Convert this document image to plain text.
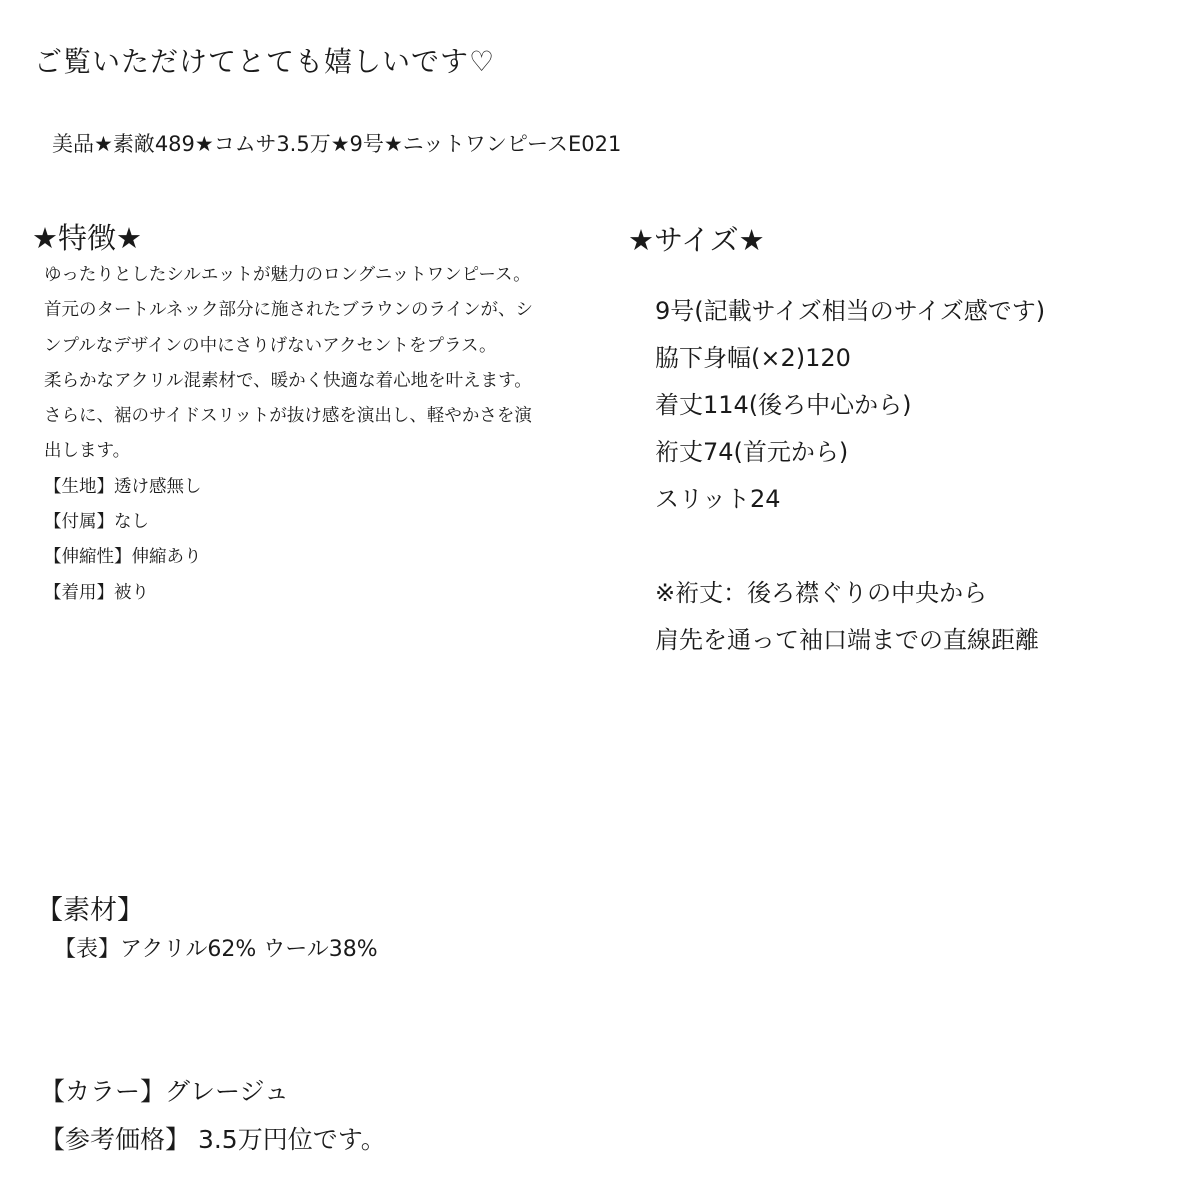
ご覧いただけてとても嬉しいです♡
美品★素敵489★コムサ3.5万★9号★ニットワンピースE021
★特徴★
ゆったりとしたシルエットが魅力のロングニットワンピース。
首元のタートルネック部分に施されたブラウンのラインが、シ
ンプルなデザインの中にさりげないアクセントをプラス。
柔らかなアクリル混素材で、暖かく快適な着心地を叶えます。
さらに、裾のサイドスリットが抜け感を演出し、軽やかさを演
出します。
【生地】透け感無し
【付属】なし
【伸縮性】伸縮あり
【着用】被り
★サイズ★
9号(記載サイズ相当のサイズ感です)
脇下身幅(×2)120
着丈114(後ろ中心から)
裄丈74(首元から)
スリット24
※裄丈：後ろ襟ぐりの中央から
肩先を通って袖口端までの直線距離
【素材】
【表】アクリル62% ウール38%
【カラー】グレージュ
【参考価格】 3.5万円位です。
